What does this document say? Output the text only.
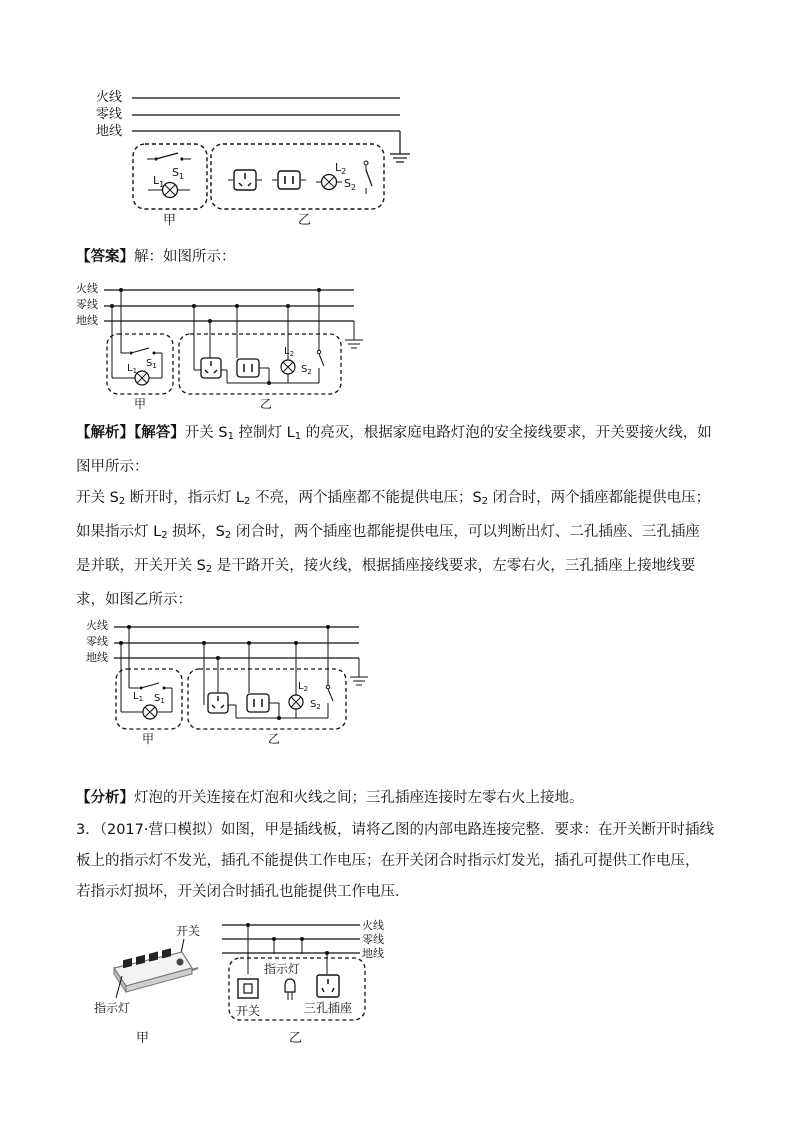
火线
零线
地线
$S_1$
$L_1$
甲
$L_2$
$S_2$
乙

【答案】解：如图所示：

火线
零线
地线
$S_1$
$L_1$
甲
$L_2$
$S_2$
乙

【解析】【解答】开关 $S_1$ 控制灯 $L_1$ 的亮灭，根据家庭电路灯泡的安全接线要求，开关要接火线，如

图甲所示：

开关 $S_2$ 断开时，指示灯 $L_2$ 不亮，两个插座都不能提供电压；$S_2$ 闭合时，两个插座都能提供电压；

如果指示灯 $L_2$ 损坏，$S_2$ 闭合时，两个插座也都能提供电压，可以判断出灯、二孔插座、三孔插座

是并联，开关开关 $S_2$ 是干路开关，接火线，根据插座接线要求，左零右火，三孔插座上接地线要

求，如图乙所示：

火线
零线
地线
$S_1$
$L_1$
甲
$L_2$
$S_2$
乙

【分析】灯泡的开关连接在灯泡和火线之间；三孔插座连接时左零右火上接地。

3．（2017·营口模拟）如图，甲是插线板，请将乙图的内部电路连接完整．要求：在开关断开时插线

板上的指示灯不发光，插孔不能提供工作电压；在开关闭合时指示灯发光，插孔可提供工作电压，

若指示灯损坏，开关闭合时插孔也能提供工作电压．

开关
指示灯
甲
火线
零线
地线
指示灯
开关	三孔插座
乙
